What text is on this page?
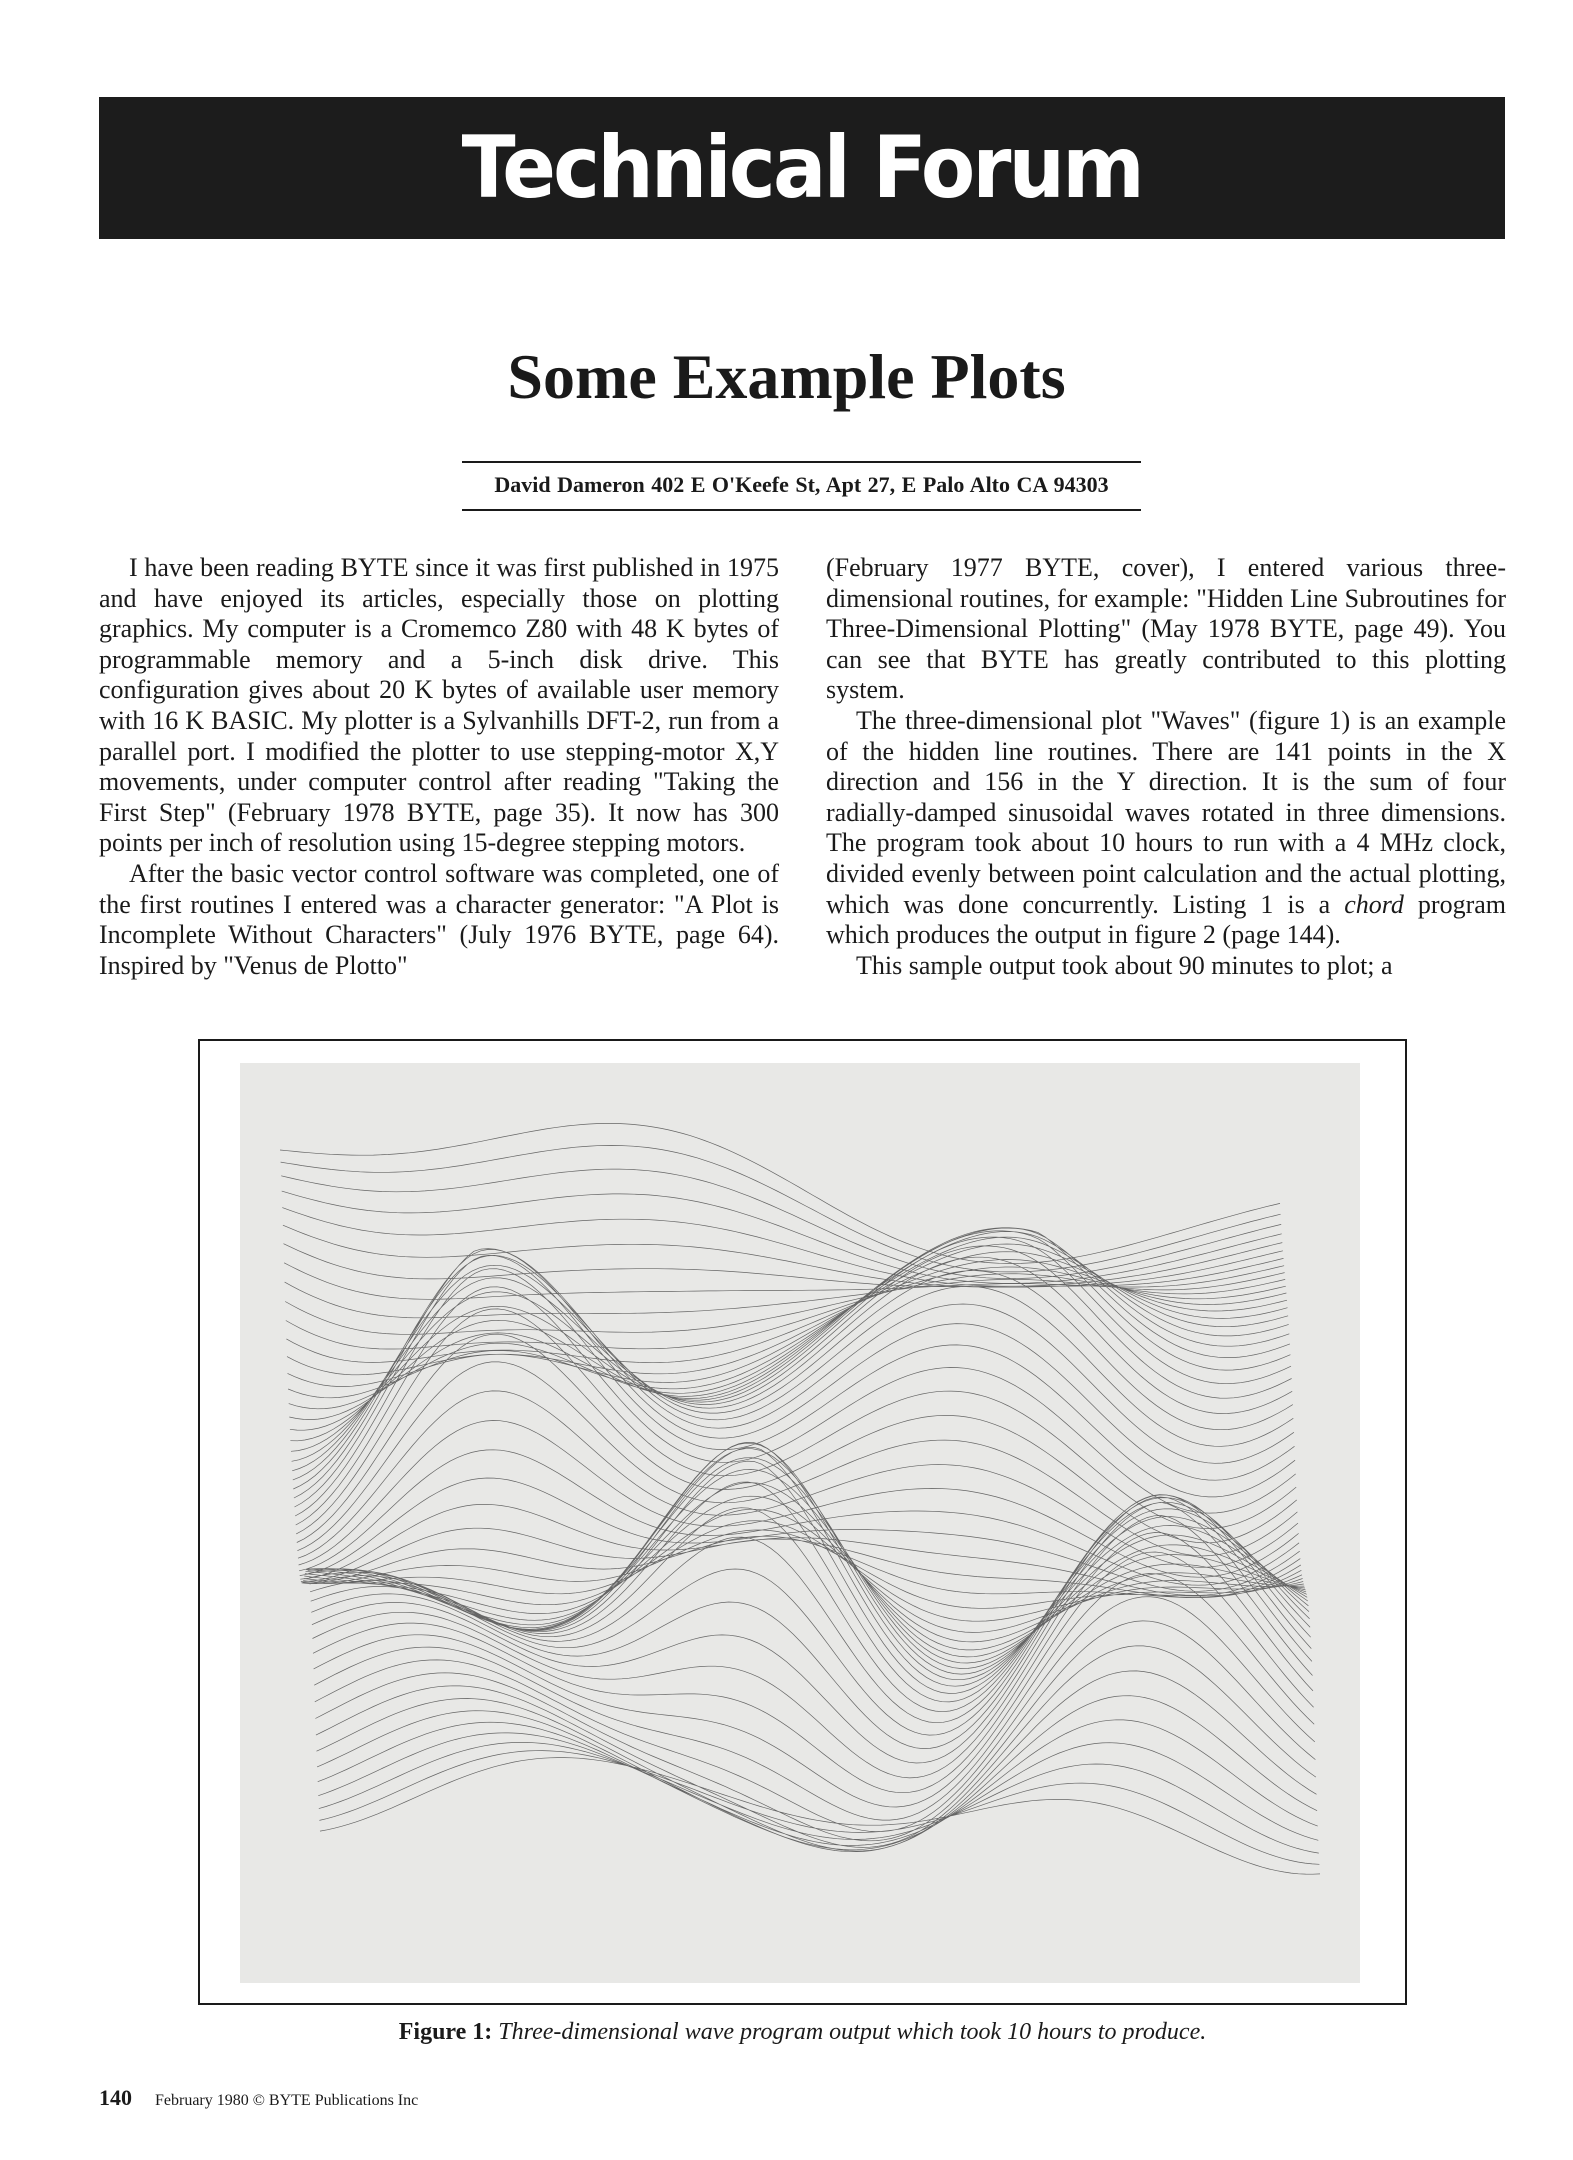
Technical Forum
Some Example Plots
David Dameron 402 E O'Keefe St, Apt 27, E Palo Alto CA 94303

I have been reading BYTE since it was first published in 1975 and have enjoyed its articles, especially those on plotting graphics. My computer is a Cromemco Z80 with 48 K bytes of programmable memory and a 5-inch disk drive. This configuration gives about 20 K bytes of available user memory with 16 K BASIC. My plotter is a Sylvanhills DFT-2, run from a parallel port. I modified the plotter to use stepping-motor X,Y movements, under computer control after reading "Taking the First Step" (February 1978 BYTE, page 35). It now has 300 points per inch of resolution using 15-degree stepping motors.

After the basic vector control software was completed, one of the first routines I entered was a character generator: "A Plot is Incomplete Without Characters" (July 1976 BYTE, page 64). Inspired by "Venus de Plotto"

(February 1977 BYTE, cover), I entered various three-dimensional routines, for example: "Hidden Line Subroutines for Three-Dimensional Plotting" (May 1978 BYTE, page 49). You can see that BYTE has greatly contributed to this plotting system.

The three-dimensional plot "Waves" (figure 1) is an example of the hidden line routines. There are 141 points in the X direction and 156 in the Y direction. It is the sum of four radially-damped sinusoidal waves rotated in three dimensions. The program took about 10 hours to run with a 4 MHz clock, divided evenly between point calculation and the actual plotting, which was done concurrently. Listing 1 is a chord program which produces the output in figure 2 (page 144).

This sample output took about 90 minutes to plot; a

Figure 1: Three-dimensional wave program output which took 10 hours to produce.
140 February 1980 © BYTE Publications Inc
